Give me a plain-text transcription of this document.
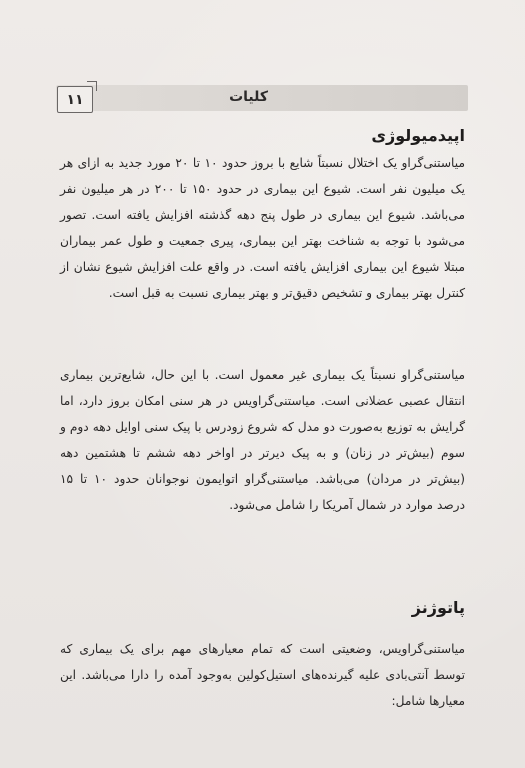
کلیات
۱۱
اپیدمیولوژی

میاستنی‌گراو یک اختلال نسبتاً شایع با بروز حدود ۱۰ تا ۲۰ مورد جدید به ازای هر یک میلیون نفر است. شیوع این بیماری در حدود ۱۵۰ تا ۲۰۰ در هر میلیون نفر می‌باشد. شیوع این بیماری در طول پنج دهه گذشته افزایش یافته است. تصور می‌شود با توجه به شناخت بهتر این بیماری، پیری جمعیت و طول عمر بیماران مبتلا شیوع این بیماری افزایش یافته است. در واقع علت افزایش شیوع نشان از کنترل بهتر بیماری و تشخیص دقیق‌تر و بهتر بیماری نسبت به قبل است.

میاستنی‌گراو نسبتاً یک بیماری غیر معمول است. با این حال، شایع‌ترین بیماری انتقال عصبی عضلانی است. میاستنی‌گراویس در هر سنی امکان بروز دارد، اما گرایش به توزیع به‌صورت دو مدل که شروع زودرس با پیک سنی اوایل دهه دوم و سوم (بیش‌تر در زنان) و به پیک دیرتر در اواخر دهه ششم تا هشتمین دهه (بیش‌تر در مردان) می‌باشد. میاستنی‌گراو اتوایمون نوجوانان حدود ۱۰ تا ۱۵ درصد موارد در شمال آمریکا را شامل می‌شود.

پاتوژنز

میاستنی‌گراویس، وضعیتی است که تمام معیارهای مهم برای یک بیماری که توسط آنتی‌بادی علیه گیرنده‌های استیل‌کولین به‌وجود آمده را دارا می‌باشد. این معیارها شامل:
